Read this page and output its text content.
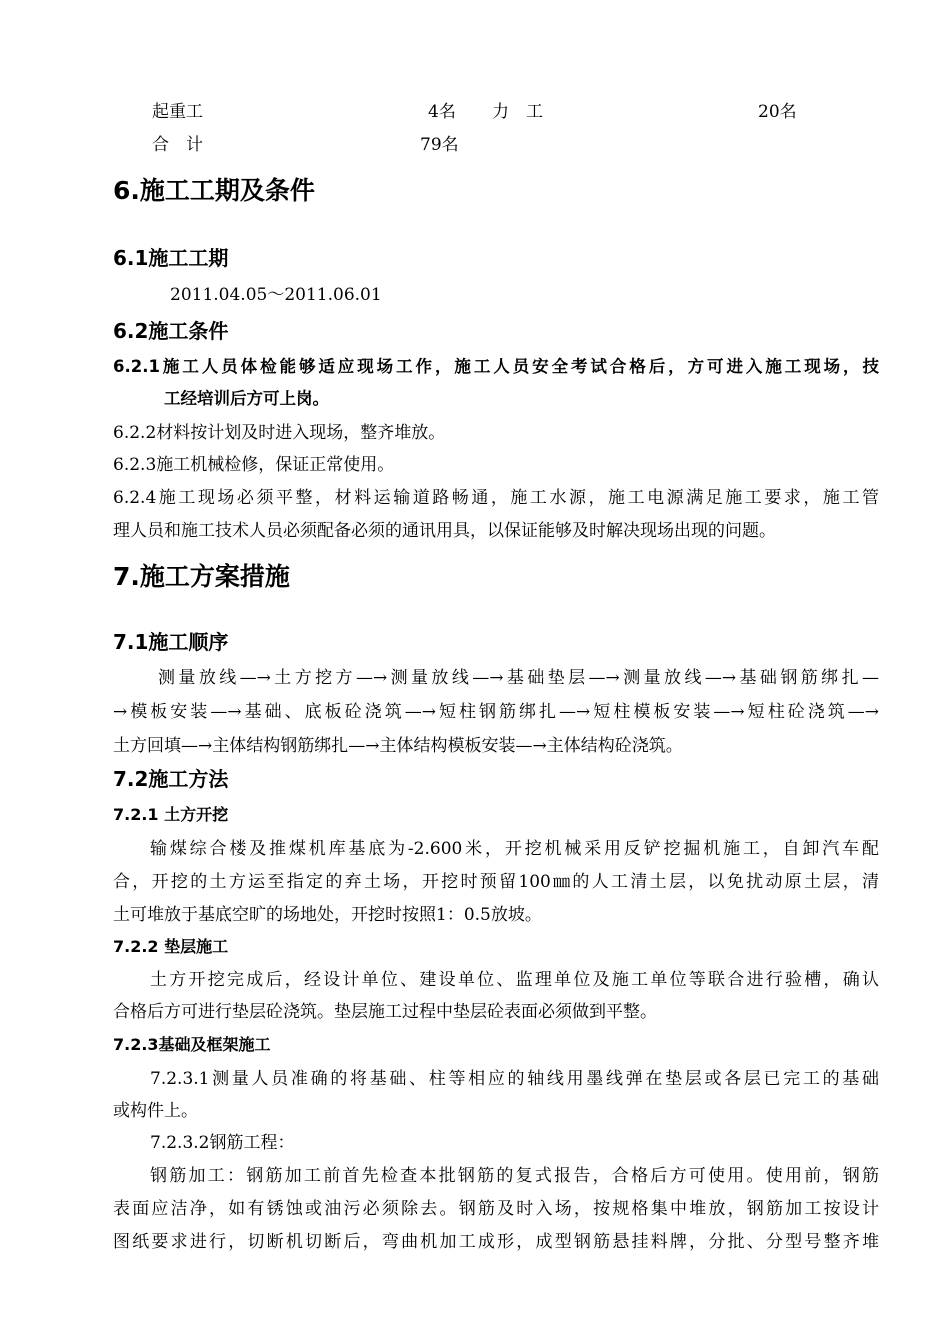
起重工	4名 力　工	20名
合　计	79名
6.施工工期及条件
6.1施工工期
2011.04.05～2011.06.01
6.2施工条件
6.2.1施工人员体检能够适应现场工作，施工人员安全考试合格后，方可进入施工现场，技
工经培训后方可上岗。
6.2.2材料按计划及时进入现场，整齐堆放。
6.2.3施工机械检修，保证正常使用。
6.2.4施工现场必须平整，材料运输道路畅通，施工水源，施工电源满足施工要求，施工管
理人员和施工技术人员必须配备必须的通讯用具，以保证能够及时解决现场出现的问题。
7.施工方案措施
7.1施工顺序
测量放线—→土方挖方—→测量放线—→基础垫层—→测量放线—→基础钢筋绑扎—
→模板安装—→基础、底板砼浇筑—→短柱钢筋绑扎—→短柱模板安装—→短柱砼浇筑—→
土方回填—→主体结构钢筋绑扎—→主体结构模板安装—→主体结构砼浇筑。
7.2施工方法
7.2.1 土方开挖
输煤综合楼及推煤机库基底为-2.600米，开挖机械采用反铲挖掘机施工，自卸汽车配
合，开挖的土方运至指定的弃土场，开挖时预留100㎜的人工清土层，以免扰动原土层，清
土可堆放于基底空旷的场地处，开挖时按照1：0.5放坡。
7.2.2 垫层施工
土方开挖完成后，经设计单位、建设单位、监理单位及施工单位等联合进行验槽，确认
合格后方可进行垫层砼浇筑。垫层施工过程中垫层砼表面必须做到平整。
7.2.3基础及框架施工
7.2.3.1测量人员准确的将基础、柱等相应的轴线用墨线弹在垫层或各层已完工的基础
或构件上。
7.2.3.2钢筋工程：
钢筋加工：钢筋加工前首先检查本批钢筋的复式报告，合格后方可使用。使用前，钢筋
表面应洁净，如有锈蚀或油污必须除去。钢筋及时入场，按规格集中堆放，钢筋加工按设计
图纸要求进行，切断机切断后，弯曲机加工成形，成型钢筋悬挂料牌，分批、分型号整齐堆
